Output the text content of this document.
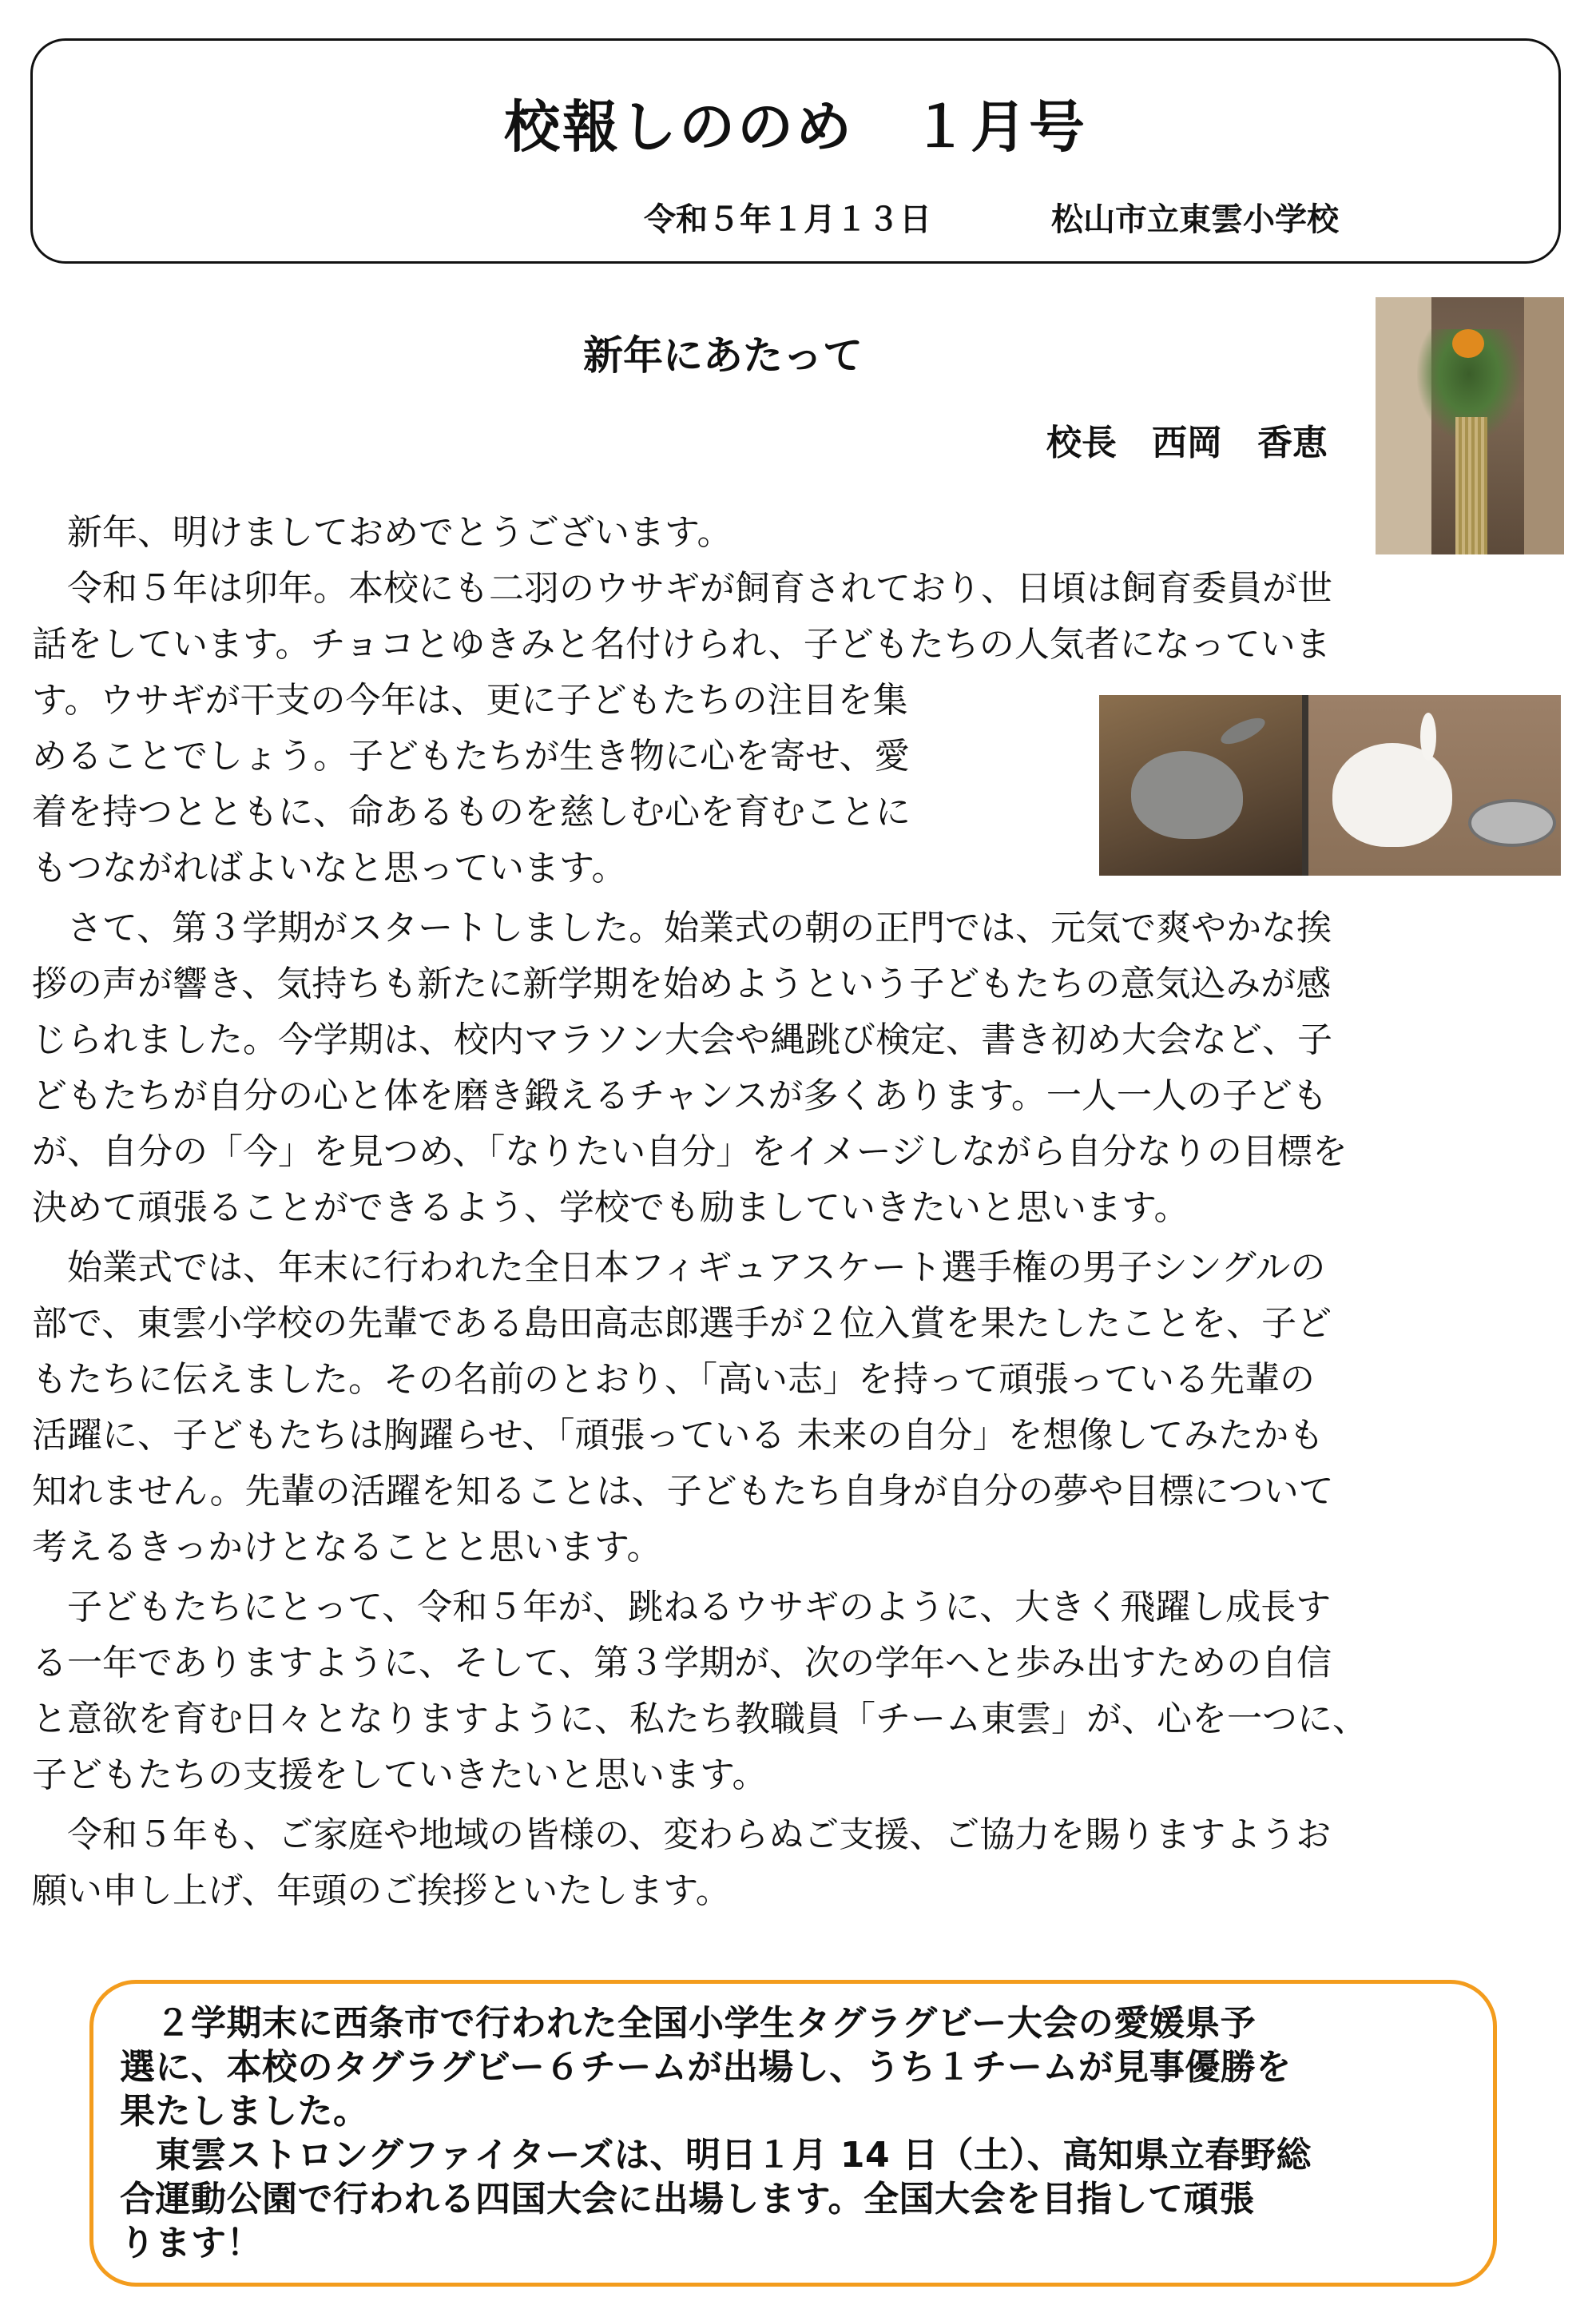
校報しののめ　１月号
令和５年１月１３日	松山市立東雲小学校
新年にあたって
校長　西岡　香恵
　新年、明けましておめでとうございます。
　令和５年は卯年。本校にも二羽のウサギが飼育されており、日頃は飼育委員が世
話をしています。チョコとゆきみと名付けられ、子どもたちの人気者になっていま
す。ウサギが干支の今年は、更に子どもたちの注目を集
めることでしょう。子どもたちが生き物に心を寄せ、愛
着を持つとともに、命あるものを慈しむ心を育むことに
もつながればよいなと思っています。
　さて、第３学期がスタートしました。始業式の朝の正門では、元気で爽やかな挨
拶の声が響き、気持ちも新たに新学期を始めようという子どもたちの意気込みが感
じられました。今学期は、校内マラソン大会や縄跳び検定、書き初め大会など、子
どもたちが自分の心と体を磨き鍛えるチャンスが多くあります。一人一人の子ども
が、自分の「今」を見つめ、「なりたい自分」をイメージしながら自分なりの目標を
決めて頑張ることができるよう、学校でも励ましていきたいと思います。
　始業式では、年末に行われた全日本フィギュアスケート選手権の男子シングルの
部で、東雲小学校の先輩である島田高志郎選手が２位入賞を果たしたことを、子ど
もたちに伝えました。その名前のとおり、「高い志」を持って頑張っている先輩の
活躍に、子どもたちは胸躍らせ、「頑張っている 未来の自分」を想像してみたかも
知れません。先輩の活躍を知ることは、子どもたち自身が自分の夢や目標について
考えるきっかけとなることと思います。
　子どもたちにとって、令和５年が、跳ねるウサギのように、大きく飛躍し成長す
る一年でありますように、そして、第３学期が、次の学年へと歩み出すための自信
と意欲を育む日々となりますように、私たち教職員「チーム東雲」が、心を一つに、
子どもたちの支援をしていきたいと思います。
　令和５年も、ご家庭や地域の皆様の、変わらぬご支援、ご協力を賜りますようお
願い申し上げ、年頭のご挨拶といたします。
　２学期末に西条市で行われた全国小学生タグラグビー大会の愛媛県予
選に、本校のタグラグビー６チームが出場し、うち１チームが見事優勝を
果たしました。
　東雲ストロングファイターズは、明日１月 14 日（土）、高知県立春野総
合運動公園で行われる四国大会に出場します。全国大会を目指して頑張
ります！
